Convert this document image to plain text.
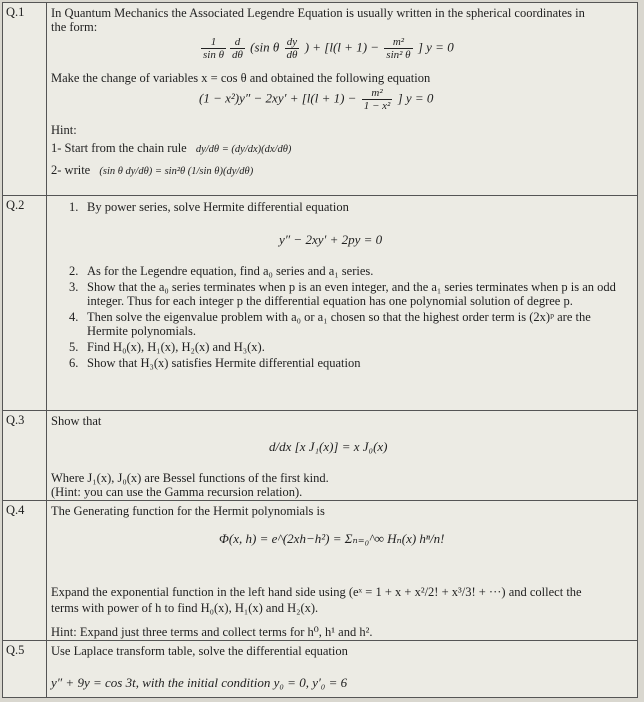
Q.1	In Quantum Mechanics the Associated Legendre Equation is usually written in the spherical coordinates in
the form:
$\frac{1}{\text{sin θ}} \frac{d}{d\theta} (\sin$ θ $\frac{dy}{d\theta}$ ) + [$l(l + 1) - \frac{\text{m²}}{\text{sin² θ}}$ ] y = 0
Make the change of variables x = cos θ and obtained the following equation
$(1 - x^2)y'' - 2xy' + [l(l + 1) - \frac{\text{m²}}{\text{1 − x²}}$ ] y = 0
Hint:
1- Start from the chain rule dy/dθ = (dy/dx)(dx/dθ)
2- write (sin θ dy/dθ) = sin²θ (1/sin θ)(dy/dθ)
Q.2	1. By power series, solve Hermite differential equation
y″ − 2xy′ + 2py = 0
2. As for the Legendre equation, find a₀ series and a₁ series.
3. Show that the a₀ series terminates when p is an even integer, and the a₁ series terminates when p is an odd integer. Thus for each integer p the differential equation has one polynomial solution of degree p.
4. Then solve the eigenvalue problem with a₀ or a₁ chosen so that the highest order term is (2x)ᵖ are the Hermite polynomials.
5. Find H₀(x), H₁(x), H₂(x) and H₃(x).
6. Show that H₃(x) satisfies Hermite differential equation
Q.3	Show that
d/dx [x J₁(x)] = x J₀(x)
Where J₁(x), J₀(x) are Bessel functions of the first kind.
(Hint: you can use the Gamma recursion relation).
Q.4	The Generating function for the Hermit polynomials is
Φ(x, h) = e^(2xh−h²) = Σₙ₌₀^∞ Hₙ(x) hⁿ/n!
Expand the exponential function in the left hand side using (eˣ = 1 + x + x²/2! + x³/3! + ···) and collect the
terms with power of h to find H₀(x), H₁(x) and H₂(x).
Hint: Expand just three terms and collect terms for h⁰, h¹ and h².
Q.5	Use Laplace transform table, solve the differential equation
y″ + 9y = cos 3t, with the initial condition y₀ = 0, y′₀ = 6
